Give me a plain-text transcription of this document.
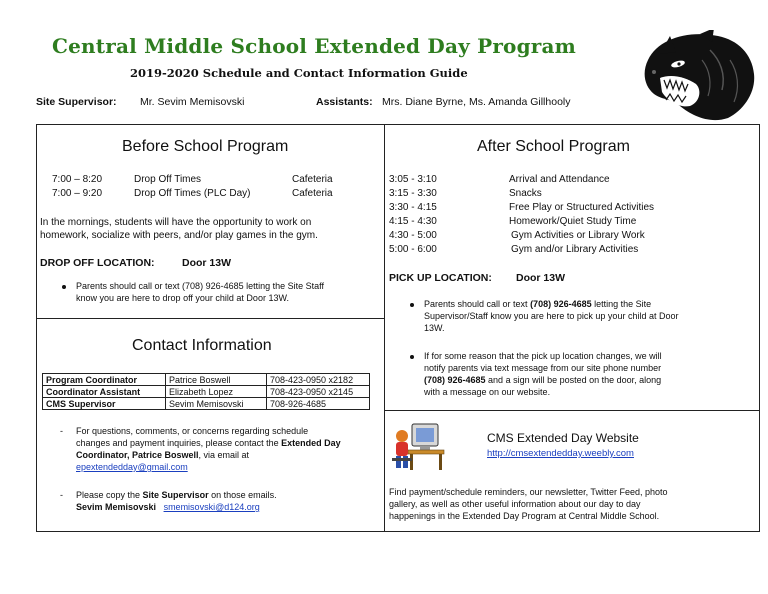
Central Middle School Extended Day Program
2019-2020 Schedule and Contact Information Guide
Site Supervisor: Mr. Sevim Memisovski	Assistants: Mrs. Diane Byrne, Ms. Amanda Gillhooly
Before School Program
7:00 – 8:20	Drop Off Times	Cafeteria
7:00 – 9:20	Drop Off Times (PLC Day)	Cafeteria
In the mornings, students will have the opportunity to work on
homework, socialize with peers, and/or play games in the gym.
DROP OFF LOCATION:	Door 13W
Parents should call or text (708) 926-4685 letting the Site Staff
know you are here to drop off your child at Door 13W.
Contact Information
Program Coordinator	Patrice Boswell	708-423-0950 x2182
Coordinator Assistant	Elizabeth Lopez	708-423-0950 x2145
CMS Supervisor	Sevim Memisovski	708-926-4685
- For questions, comments, or concerns regarding schedule
changes and payment inquiries, please contact the Extended Day
Coordinator, Patrice Boswell, via email at
epextendedday@gmail.com
- Please copy the Site Supervisor on those emails.
Sevim Memisovski smemisovski@d124.org
After School Program
3:05 - 3:10	Arrival and Attendance
3:15 - 3:30	Snacks
3:30 - 4:15	Free Play or Structured Activities
4:15 - 4:30	Homework/Quiet Study Time
4:30 - 5:00	Gym Activities or Library Work
5:00 - 6:00	Gym and/or Library Activities
PICK UP LOCATION: Door 13W
Parents should call or text (708) 926-4685 letting the Site
Supervisor/Staff know you are here to pick up your child at Door
13W.
If for some reason that the pick up location changes, we will
notify parents via text message from our site phone number
(708) 926-4685 and a sign will be posted on the door, along
with a message on our website.
CMS Extended Day Website
http://cmsextendedday.weebly.com
Find payment/schedule reminders, our newsletter, Twitter Feed, photo
gallery, as well as other useful information about our day to day
happenings in the Extended Day Program at Central Middle School.
